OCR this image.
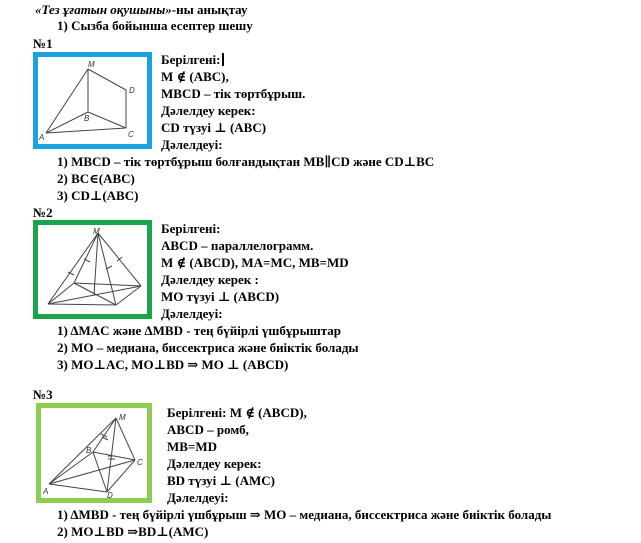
«Тез ұғатын оқушыны»-ны анықтау
1) Сызба бойынша есептер шешу
№1
M
D
A
B
C
Берілгені:
M ∉ (ABC),
MBCD – тік төртбұрыш.
Дәлелдеу керек:
CD түзуі ⊥ (ABC)
Дәлелдеуі:
1) MBCD – тік төртбұрыш болғандықтан MB∥CD және CD⊥BC
2) BC∈(ABC)
3) CD⊥(ABC)
№2
M	Берілгені:
ABCD – параллелограмм.
M ∉ (ABCD), MA=MC, MB=MD
Дәлелдеу керек :
MO түзуі ⊥ (ABCD)
Дәлелдеуі:
1) ΔMAC және ΔMBD - тең бүйірлі үшбұрыштар
2) MO – медиана, биссектриса және биіктік болады
3) MO⊥AC, MO⊥BD ⇒ MO ⊥ (ABCD)
№3
M
B
C
A	D
Берілгені: M ∉ (ABCD),
ABCD – ромб,
MB=MD
Дәлелдеу керек:
BD түзуі ⊥ (AMC)
Дәлелдеуі:
1) ΔMBD - тең бүйірлі үшбұрыш ⇒ MO – медиана, биссектриса және биіктік болады
2) MO⊥BD ⇒BD⊥(AMC)
